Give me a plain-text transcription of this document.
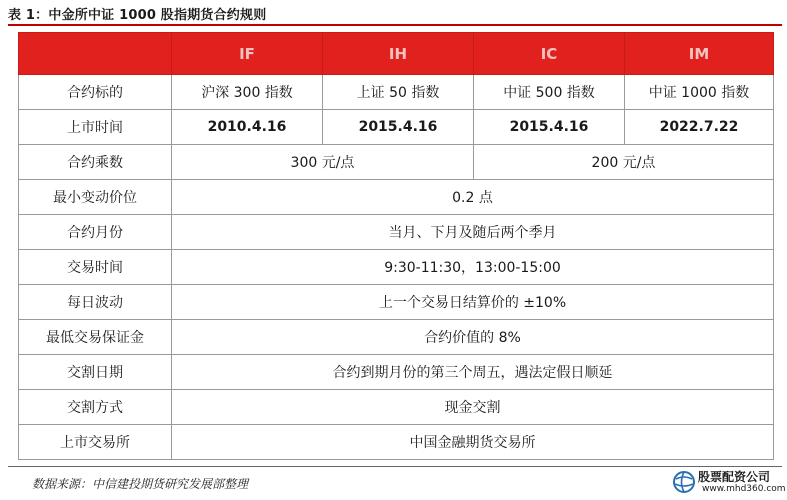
表 1：中金所中证 1000 股指期货合约规则
	IF	IH	IC	IM
合约标的	沪深 300 指数	上证 50 指数	中证 500 指数	中证 1000 指数
上市时间	2010.4.16	2015.4.16	2015.4.16	2022.7.22
合约乘数	300 元/点		200 元/点	
最小变动价位	0.2 点			
合约月份	当月、下月及随后两个季月			
交易时间	9:30-11:30，13:00-15:00			
每日波动	上一个交易日结算价的 ±10%			
最低交易保证金	合约价值的 8%			
交割日期	合约到期月份的第三个周五，遇法定假日顺延			
交割方式	现金交割			
上市交易所	中国金融期货交易所			
数据来源：中信建投期货研究发展部整理	股票配资公司
www.mhd360.com
